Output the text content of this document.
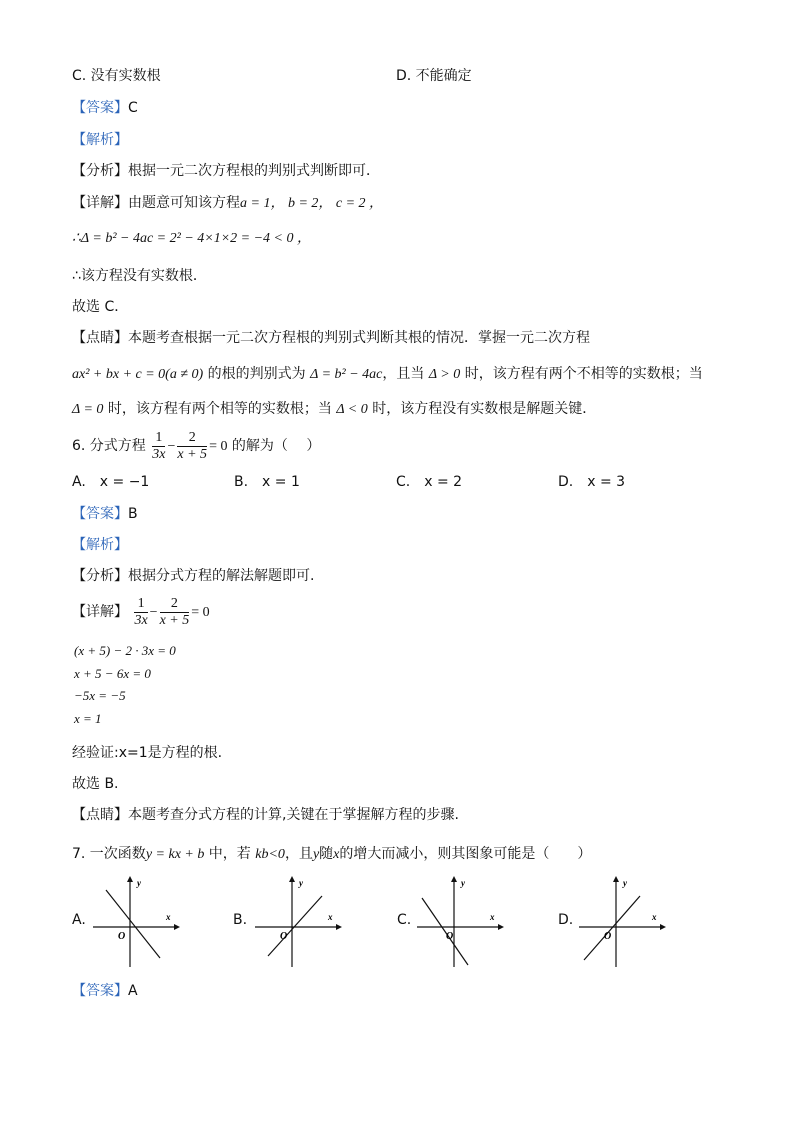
C. 没有实数根	D. 不能确定
【答案】C
【解析】
【分析】根据一元二次方程根的判别式判断即可．
【详解】由题意可知该方程a = 1， b = 2， c = 2 ，
∴Δ = b² − 4ac = 2² − 4×1×2 = −4 < 0 ，
∴该方程没有实数根．
故选 C．
【点睛】本题考查根据一元二次方程根的判别式判断其根的情况．掌握一元二次方程
ax² + bx + c = 0(a ≠ 0) 的根的判别式为 Δ = b² − 4ac，且当 Δ > 0 时，该方程有两个不相等的实数根；当
Δ = 0 时，该方程有两个相等的实数根；当 Δ < 0 时，该方程没有实数根是解题关键．
6. 分式方程 $\frac{1}{3x} - \frac{2}{x + 5} = 0$ 的解为（　 ）
A.　x = −1	B.　x = 1	C.　x = 2	D.　x = 3
【答案】B
【解析】
【分析】根据分式方程的解法解题即可.
【详解】 $\frac{1}{3x} - \frac{2}{x + 5} = 0$
(x + 5) − 2 · 3x = 0
x + 5 − 6x = 0
−5x = −5
x = 1
经验证:x=1是方程的根.
故选 B.
【点睛】本题考查分式方程的计算,关键在于掌握解方程的步骤.
7. 一次函数y = kx + b 中，若 kb<0，且y随x的增大而减小，则其图象可能是（　　）
A.	B.	C.	D.
y
x
O
y
x
O
y
x
O
y
x
O
【答案】A
